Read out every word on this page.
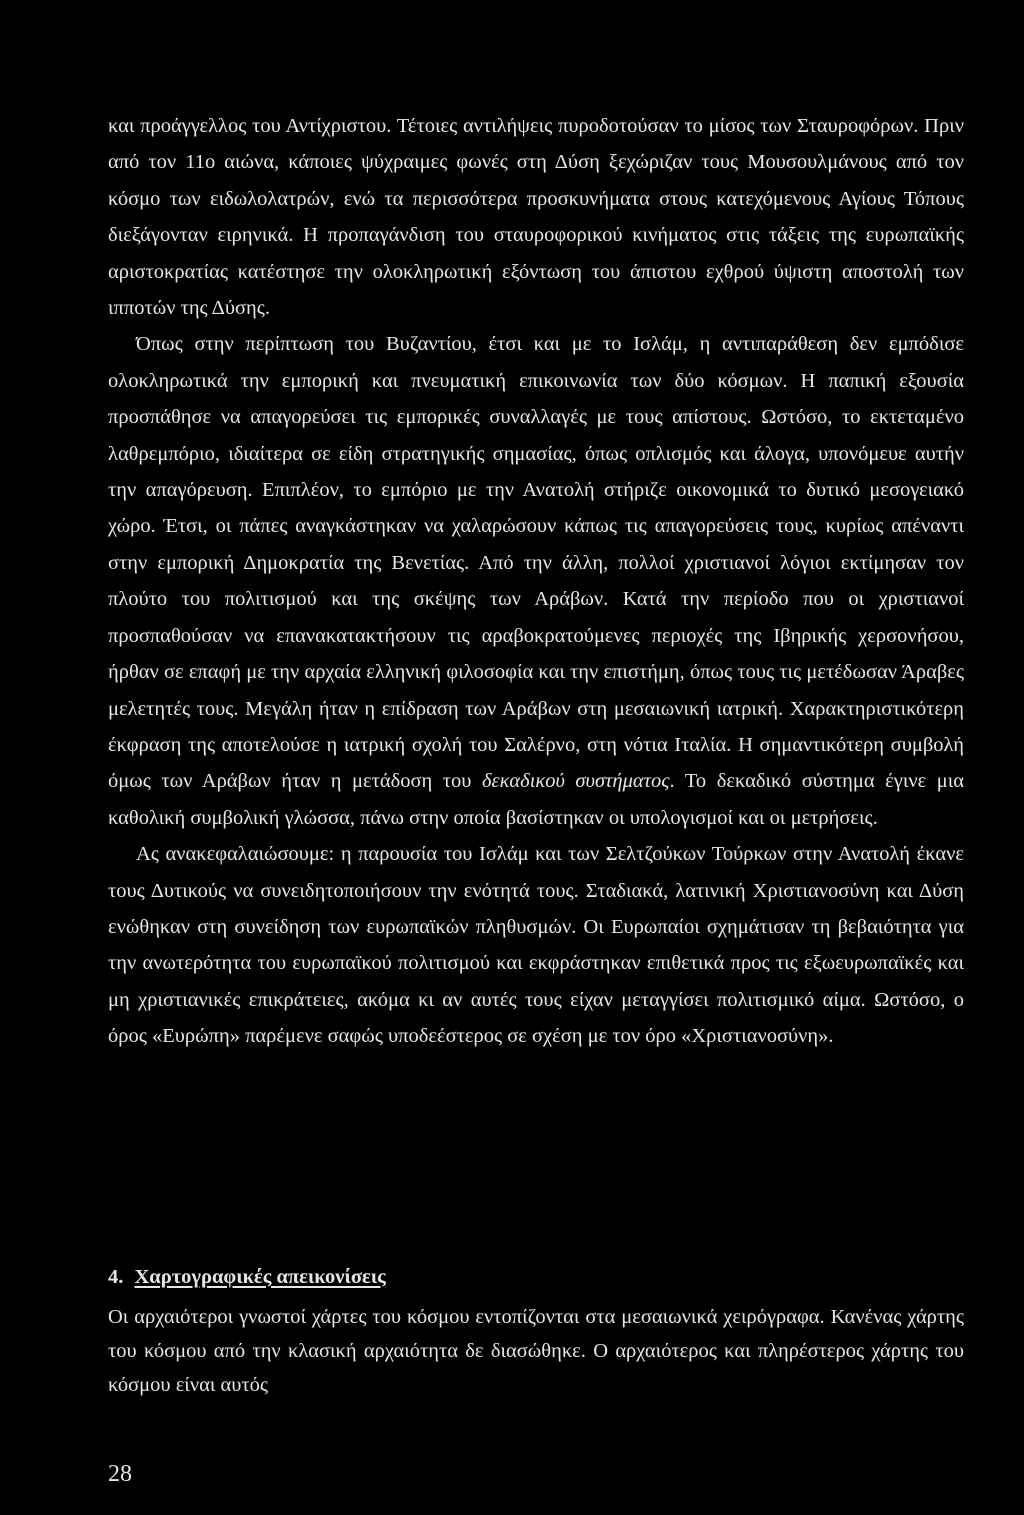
και προάγγελλος του Αντίχριστου. Τέτοιες αντιλήψεις πυροδοτούσαν το μίσος των Σταυροφόρων. Πριν από τον 11ο αιώνα, κάποιες ψύχραιμες φωνές στη Δύση ξεχώριζαν τους Μουσουλμάνους από τον κόσμο των ειδωλολατρών, ενώ τα περισσότερα προσκυνήματα στους κατεχόμενους Αγίους Τόπους διεξάγονταν ειρηνικά. Η προπαγάνδιση του σταυροφορικού κινήματος στις τάξεις της ευρωπαϊκής αριστοκρατίας κατέστησε την ολοκληρωτική εξόντωση του άπιστου εχθρού ύψιστη αποστολή των ιπποτών της Δύσης.

Όπως στην περίπτωση του Βυζαντίου, έτσι και με το Ισλάμ, η αντιπαράθεση δεν εμπόδισε ολοκληρωτικά την εμπορική και πνευματική επικοινωνία των δύο κόσμων. Η παπική εξουσία προσπάθησε να απαγορεύσει τις εμπορικές συναλλαγές με τους απίστους. Ωστόσο, το εκτεταμένο λαθρεμπόριο, ιδιαίτερα σε είδη στρατηγικής σημασίας, όπως οπλισμός και άλογα, υπονόμευε αυτήν την απαγόρευση. Επιπλέον, το εμπόριο με την Ανατολή στήριζε οικονομικά το δυτικό μεσογειακό χώρο. Έτσι, οι πάπες αναγκάστηκαν να χαλαρώσουν κάπως τις απαγορεύσεις τους, κυρίως απέναντι στην εμπορική Δημοκρατία της Βενετίας. Από την άλλη, πολλοί χριστιανοί λόγιοι εκτίμησαν τον πλούτο του πολιτισμού και της σκέψης των Αράβων. Κατά την περίοδο που οι χριστιανοί προσπαθούσαν να επανακατακτήσουν τις αραβοκρατούμενες περιοχές της Ιβηρικής χερσονήσου, ήρθαν σε επαφή με την αρχαία ελληνική φιλοσοφία και την επιστήμη, όπως τους τις μετέδωσαν Άραβες μελετητές τους. Μεγάλη ήταν η επίδραση των Αράβων στη μεσαιωνική ιατρική. Χαρακτηριστικότερη έκφραση της αποτελούσε η ιατρική σχολή του Σαλέρνο, στη νότια Ιταλία. Η σημαντικότερη συμβολή όμως των Αράβων ήταν η μετάδοση του δεκαδικού συστήματος. Το δεκαδικό σύστημα έγινε μια καθολική συμβολική γλώσσα, πάνω στην οποία βασίστηκαν οι υπολογισμοί και οι μετρήσεις.

Ας ανακεφαλαιώσουμε: η παρουσία του Ισλάμ και των Σελτζούκων Τούρκων στην Ανατολή έκανε τους Δυτικούς να συνειδητοποιήσουν την ενότητά τους. Σταδιακά, λατινική Χριστιανοσύνη και Δύση ενώθηκαν στη συνείδηση των ευρωπαϊκών πληθυσμών. Οι Ευρωπαίοι σχημάτισαν τη βεβαιότητα για την ανωτερότητα του ευρωπαϊκού πολιτισμού και εκφράστηκαν επιθετικά προς τις εξωευρωπαϊκές και μη χριστιανικές επικράτειες, ακόμα κι αν αυτές τους είχαν μεταγγίσει πολιτισμικό αίμα. Ωστόσο, ο όρος «Ευρώπη» παρέμενε σαφώς υποδεέστερος σε σχέση με τον όρο «Χριστιανοσύνη».

4. Χαρτογραφικές απεικονίσεις

Οι αρχαιότεροι γνωστοί χάρτες του κόσμου εντοπίζονται στα μεσαιωνικά χειρόγραφα. Κανένας χάρτης του κόσμου από την κλασική αρχαιότητα δε διασώθηκε. Ο αρχαιότερος και πληρέστερος χάρτης του κόσμου είναι αυτός

28
